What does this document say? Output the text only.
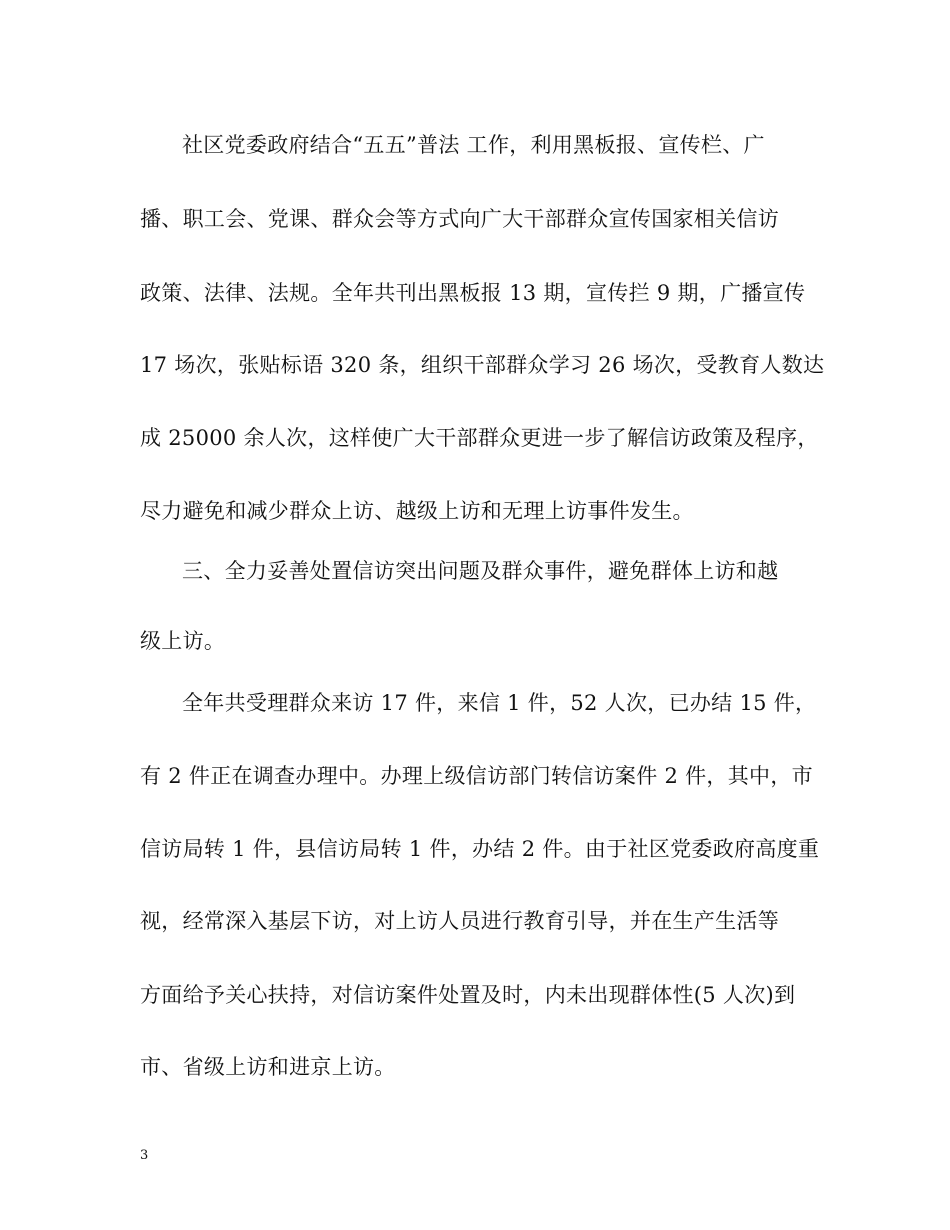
社区党委政府结合“五五”普法 工作，利用黑板报、宣传栏、广
播、职工会、党课、群众会等方式向广大干部群众宣传国家相关信访
政策、法律、法规。全年共刊出黑板报 13 期，宣传拦 9 期，广播宣传
17 场次，张贴标语 320 条，组织干部群众学习 26 场次，受教育人数达
成 25000 余人次，这样使广大干部群众更进一步了解信访政策及程序，
尽力避免和减少群众上访、越级上访和无理上访事件发生。
三、全力妥善处置信访突出问题及群众事件，避免群体上访和越
级上访。
全年共受理群众来访 17 件，来信 1 件，52 人次，已办结 15 件，
有 2 件正在调查办理中。办理上级信访部门转信访案件 2 件，其中，市
信访局转 1 件，县信访局转 1 件，办结 2 件。由于社区党委政府高度重
视，经常深入基层下访，对上访人员进行教育引导，并在生产生活等
方面给予关心扶持，对信访案件处置及时，内未出现群体性(5 人次)到
市、省级上访和进京上访。
3
